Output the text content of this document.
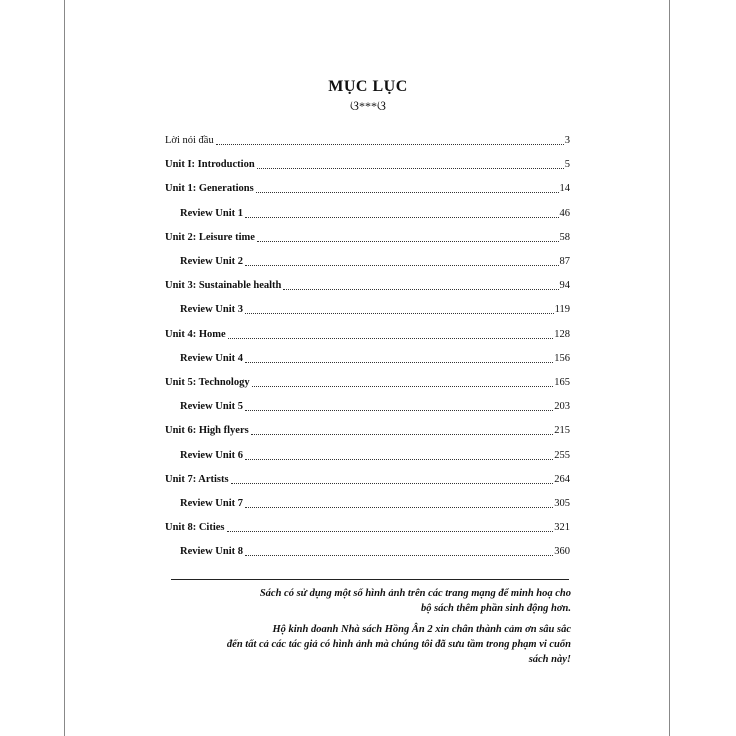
MỤC LỤC
ଓ***ଓ
Lời nói đầu	3
Unit I: Introduction	5
Unit 1: Generations	14
Review Unit 1	46
Unit 2: Leisure time	58
Review Unit 2	87
Unit 3: Sustainable health	94
Review Unit 3	119
Unit 4: Home	128
Review Unit 4	156
Unit 5: Technology	165
Review Unit 5	203
Unit 6: High flyers	215
Review Unit 6	255
Unit 7: Artists	264
Review Unit 7	305
Unit 8: Cities	321
Review Unit 8	360
Sách có sử dụng một số hình ảnh trên các trang mạng để minh hoạ cho
bộ sách thêm phần sinh động hơn.
Hộ kinh doanh Nhà sách Hồng Ân 2 xin chân thành cảm ơn sâu sắc
đến tất cả các tác giả có hình ảnh mà chúng tôi đã sưu tầm trong phạm vi cuốn
sách này!
